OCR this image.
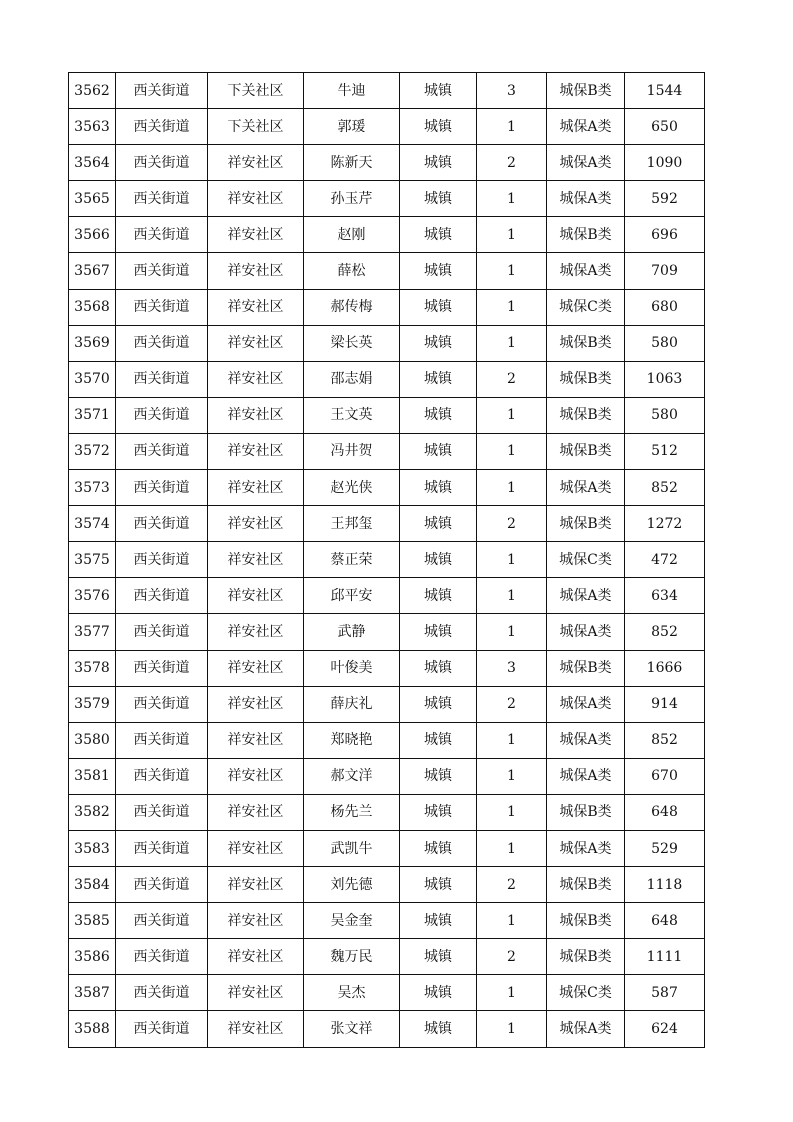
3562	西关街道	下关社区	牛迪	城镇	3	城保B类	1544
3563	西关街道	下关社区	郭瑗	城镇	1	城保A类	650
3564	西关街道	祥安社区	陈新天	城镇	2	城保A类	1090
3565	西关街道	祥安社区	孙玉芹	城镇	1	城保A类	592
3566	西关街道	祥安社区	赵刚	城镇	1	城保B类	696
3567	西关街道	祥安社区	薛松	城镇	1	城保A类	709
3568	西关街道	祥安社区	郝传梅	城镇	1	城保C类	680
3569	西关街道	祥安社区	梁长英	城镇	1	城保B类	580
3570	西关街道	祥安社区	邵志娟	城镇	2	城保B类	1063
3571	西关街道	祥安社区	王文英	城镇	1	城保B类	580
3572	西关街道	祥安社区	冯井贺	城镇	1	城保B类	512
3573	西关街道	祥安社区	赵光侠	城镇	1	城保A类	852
3574	西关街道	祥安社区	王邦玺	城镇	2	城保B类	1272
3575	西关街道	祥安社区	蔡正荣	城镇	1	城保C类	472
3576	西关街道	祥安社区	邱平安	城镇	1	城保A类	634
3577	西关街道	祥安社区	武静	城镇	1	城保A类	852
3578	西关街道	祥安社区	叶俊美	城镇	3	城保B类	1666
3579	西关街道	祥安社区	薛庆礼	城镇	2	城保A类	914
3580	西关街道	祥安社区	郑晓艳	城镇	1	城保A类	852
3581	西关街道	祥安社区	郝文洋	城镇	1	城保A类	670
3582	西关街道	祥安社区	杨先兰	城镇	1	城保B类	648
3583	西关街道	祥安社区	武凯牛	城镇	1	城保A类	529
3584	西关街道	祥安社区	刘先德	城镇	2	城保B类	1118
3585	西关街道	祥安社区	吴金奎	城镇	1	城保B类	648
3586	西关街道	祥安社区	魏万民	城镇	2	城保B类	1111
3587	西关街道	祥安社区	吴杰	城镇	1	城保C类	587
3588	西关街道	祥安社区	张文祥	城镇	1	城保A类	624
